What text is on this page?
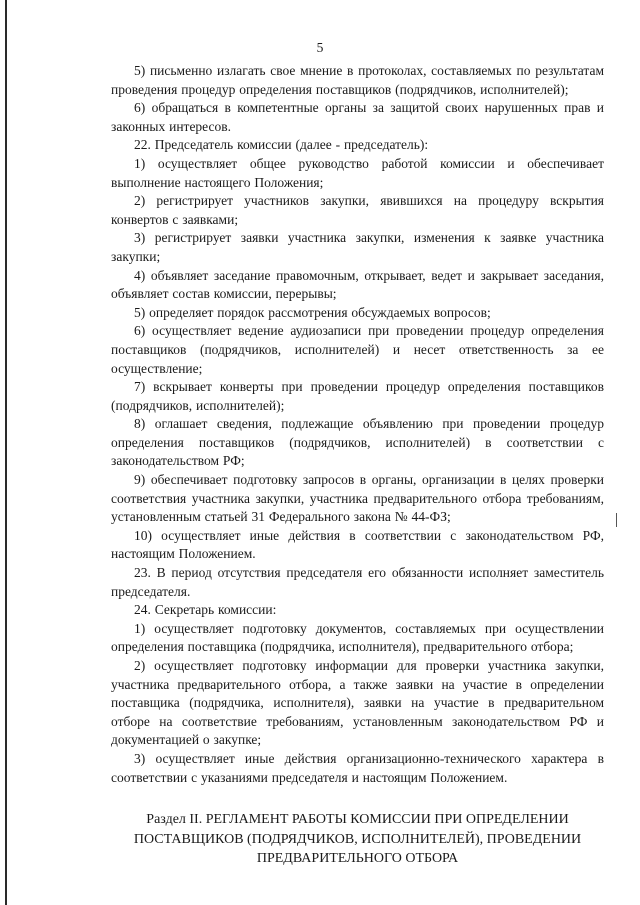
5

5) письменно излагать свое мнение в протоколах, составляемых по результатам проведения процедур определения поставщиков (подрядчиков, исполнителей);

6) обращаться в компетентные органы за защитой своих нарушенных прав и законных интересов.

22. Председатель комиссии (далее - председатель):

1) осуществляет общее руководство работой комиссии и обеспечивает выполнение настоящего Положения;

2) регистрирует участников закупки, явившихся на процедуру вскрытия конвертов с заявками;

3) регистрирует заявки участника закупки, изменения к заявке участника закупки;

4) объявляет заседание правомочным, открывает, ведет и закрывает заседания, объявляет состав комиссии, перерывы;

5) определяет порядок рассмотрения обсуждаемых вопросов;

6) осуществляет ведение аудиозаписи при проведении процедур определения поставщиков (подрядчиков, исполнителей) и несет ответственность за ее осуществление;

7) вскрывает конверты при проведении процедур определения поставщиков (подрядчиков, исполнителей);

8) оглашает сведения, подлежащие объявлению при проведении процедур определения поставщиков (подрядчиков, исполнителей) в соответствии с законодательством РФ;

9) обеспечивает подготовку запросов в органы, организации в целях проверки соответствия участника закупки, участника предварительного отбора требованиям, установленным статьей 31 Федерального закона № 44-ФЗ;

10) осуществляет иные действия в соответствии с законодательством РФ, настоящим Положением.

23. В период отсутствия председателя его обязанности исполняет заместитель председателя.

24. Секретарь комиссии:

1) осуществляет подготовку документов, составляемых при осуществлении определения поставщика (подрядчика, исполнителя), предварительного отбора;

2) осуществляет подготовку информации для проверки участника закупки, участника предварительного отбора, а также заявки на участие в определении поставщика (подрядчика, исполнителя), заявки на участие в предварительном отборе на соответствие требованиям, установленным законодательством РФ и документацией о закупке;

3) осуществляет иные действия организационно-технического характера в соответствии с указаниями председателя и настоящим Положением.

Раздел II. РЕГЛАМЕНТ РАБОТЫ КОМИССИИ ПРИ ОПРЕДЕЛЕНИИ ПОСТАВЩИКОВ (ПОДРЯДЧИКОВ, ИСПОЛНИТЕЛЕЙ), ПРОВЕДЕНИИ ПРЕДВАРИТЕЛЬНОГО ОТБОРА
